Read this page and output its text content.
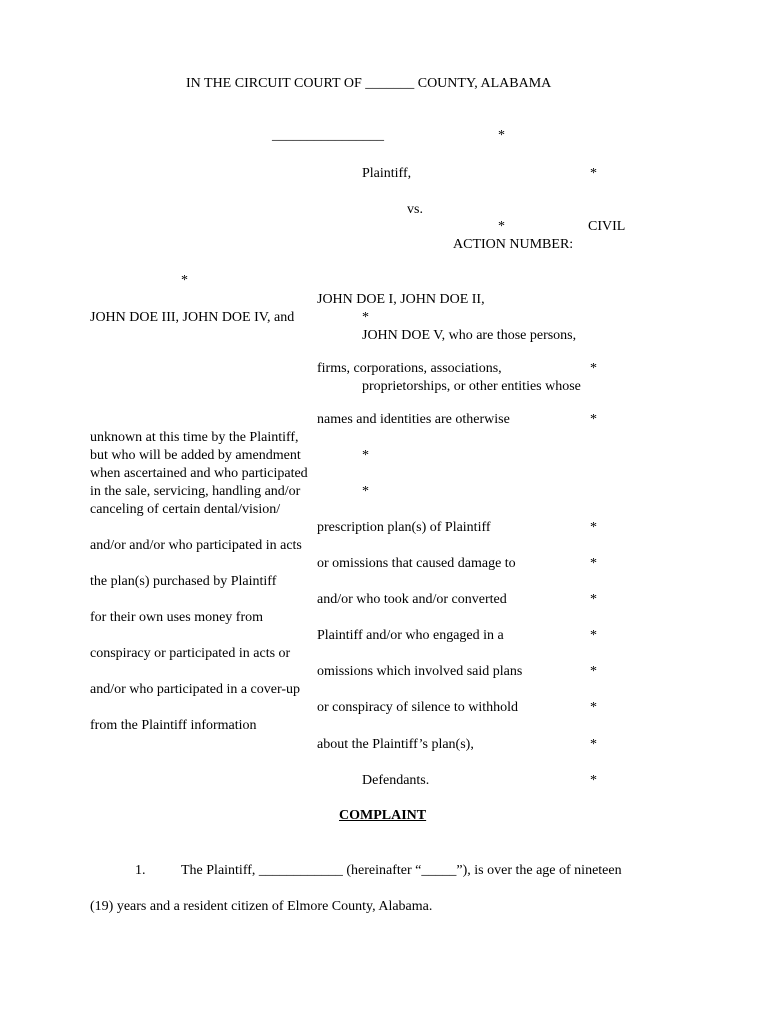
IN THE CIRCUIT COURT OF _______ COUNTY, ALABAMA
________________	*
Plaintiff,	*
vs.
*	CIVIL
ACTION NUMBER:
*
JOHN DOE I, JOHN DOE II,
JOHN DOE III, JOHN DOE IV, and	*
JOHN DOE V, who are those persons,
firms, corporations, associations,	*
proprietorships, or other entities whose
names and identities are otherwise	*
unknown at this time by the Plaintiff,
but who will be added by amendment	*
when ascertained and who participated
in the sale, servicing, handling and/or	*
canceling of certain dental/vision/
prescription plan(s) of Plaintiff	*
and/or and/or who participated in acts
or omissions that caused damage to	*
the plan(s) purchased by Plaintiff
and/or who took and/or converted	*
for their own uses money from
Plaintiff and/or who engaged in a	*
conspiracy or participated in acts or
omissions which involved said plans	*
and/or who participated in a cover-up
or conspiracy of silence to withhold	*
from the Plaintiff information
about the Plaintiff’s plan(s),	*
Defendants.	*
COMPLAINT
1.	The Plaintiff, ____________ (hereinafter “_____”), is over the age of nineteen
(19) years and a resident citizen of Elmore County, Alabama.
